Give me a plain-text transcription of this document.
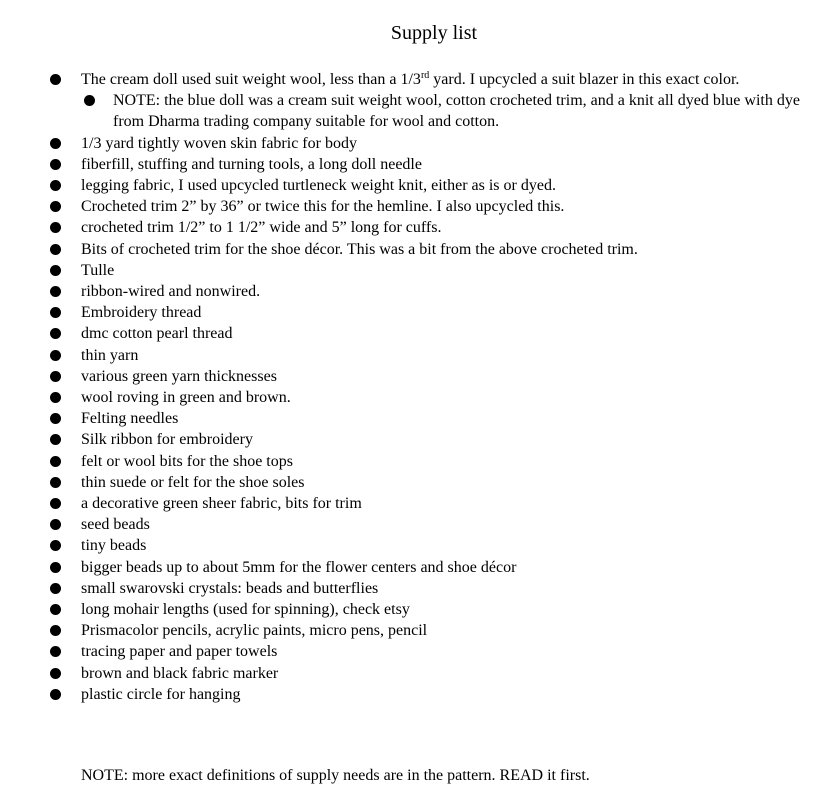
Supply list
The cream doll used suit weight wool, less than a 1/3rd yard. I upcycled a suit blazer in this exact color.
NOTE: the blue doll was a cream suit weight wool, cotton crocheted trim, and a knit all dyed blue with dye from Dharma trading company suitable for wool and cotton.
1/3 yard tightly woven skin fabric for body
fiberfill, stuffing and turning tools, a long doll needle
legging fabric, I used upcycled turtleneck weight knit, either as is or dyed.
Crocheted trim 2” by 36” or twice this for the hemline. I also upcycled this.
crocheted trim 1/2” to 1 1/2” wide and 5” long for cuffs.
Bits of crocheted trim for the shoe décor. This was a bit from the above crocheted trim.
Tulle
ribbon-wired and nonwired.
Embroidery thread
dmc cotton pearl thread
thin yarn
various green yarn thicknesses
wool roving in green and brown.
Felting needles
Silk ribbon for embroidery
felt or wool bits for the shoe tops
thin suede or felt for the shoe soles
a decorative green sheer fabric, bits for trim
seed beads
tiny beads
bigger beads up to about 5mm for the flower centers and shoe décor
small swarovski crystals: beads and butterflies
long mohair lengths (used for spinning), check etsy
Prismacolor pencils, acrylic paints, micro pens, pencil
tracing paper and paper towels
brown and black fabric marker
plastic circle for hanging

NOTE: more exact definitions of supply needs are in the pattern. READ it first.
